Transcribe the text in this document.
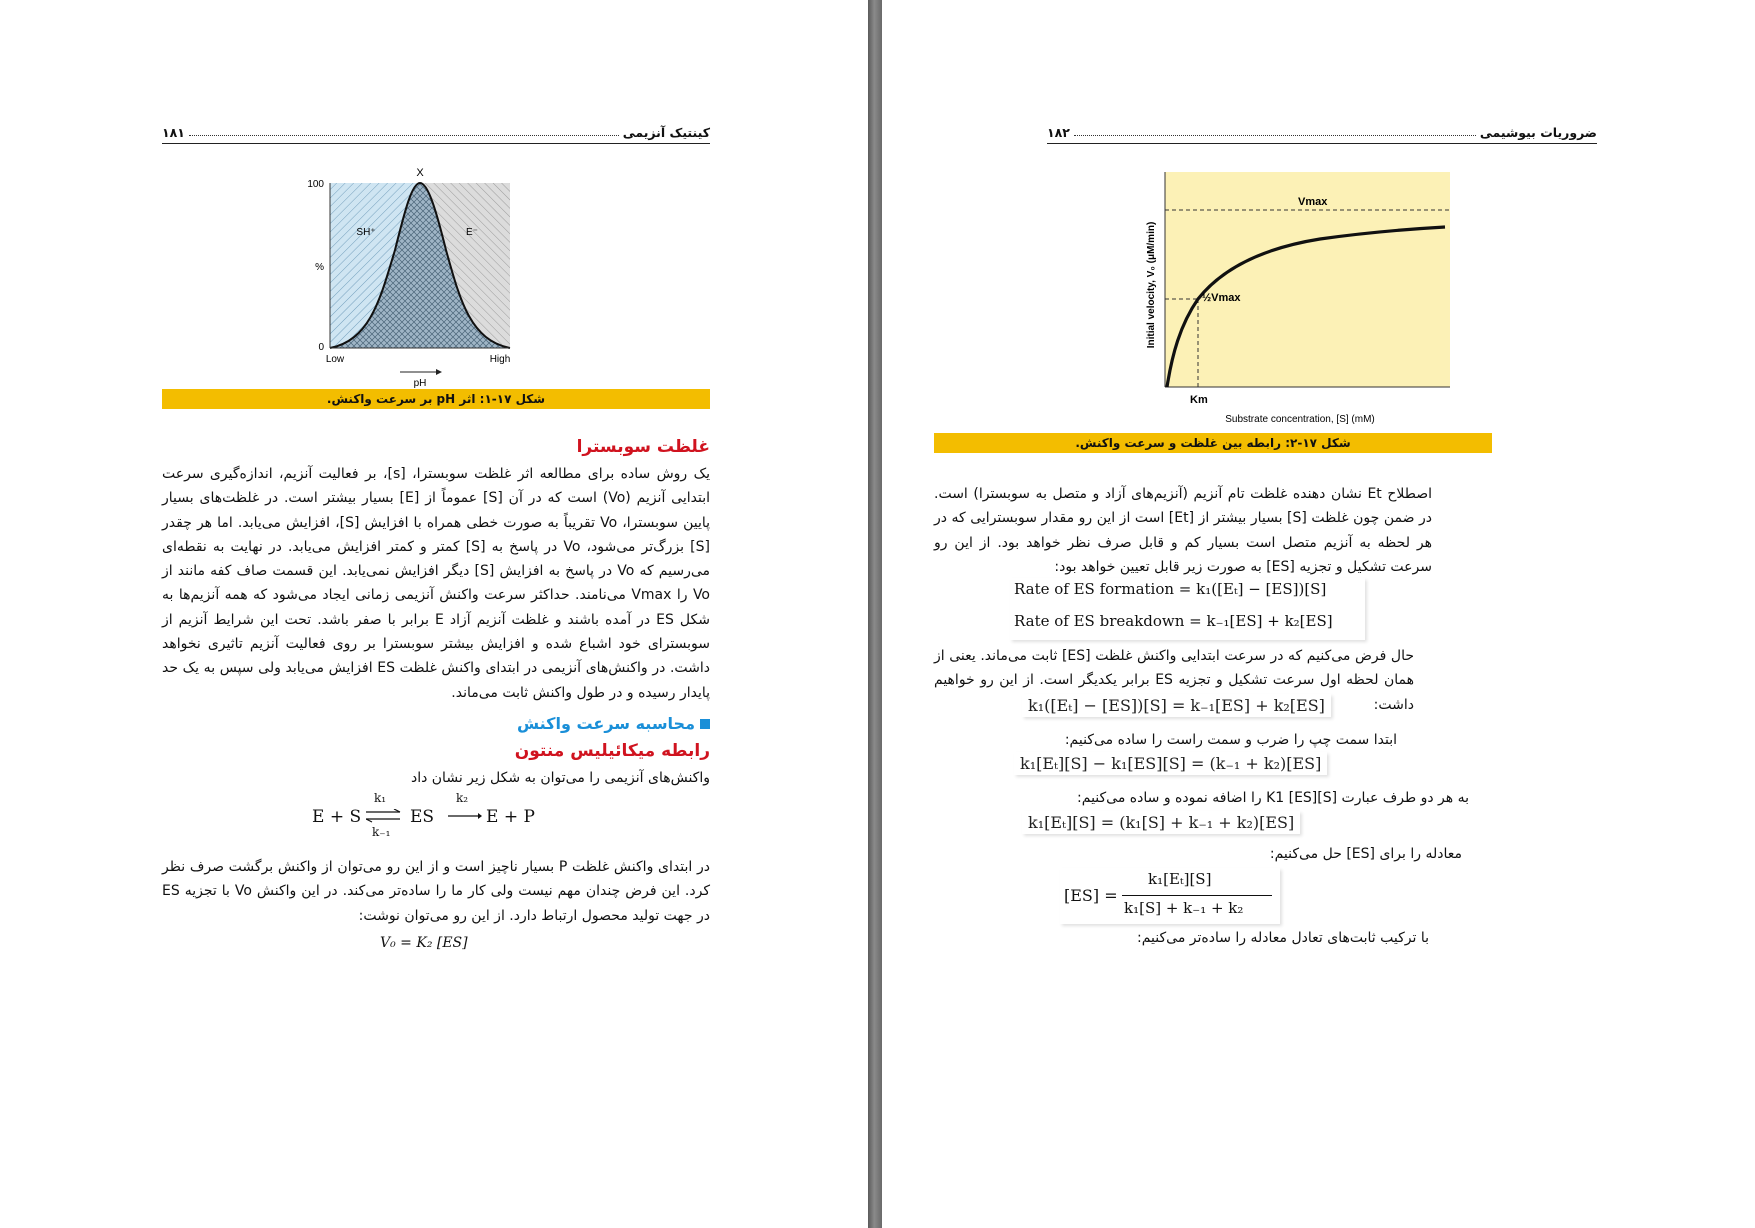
۱۸۱	کینتیک آنزیمی
X
100
%
0
Low	High
SH⁺	E⁻
pH
شکل ۱۷-۱: اثر pH بر سرعت واکنش.
غلظت سوبسترا
یک روش ساده برای مطالعه اثر غلظت سوبسترا، [s]، بر فعالیت آنزیم، اندازه‌گیری سرعت ابتدایی آنزیم (Vo) است که در آن [S] عموماً از [E] بسیار بیشتر است. در غلظت‌های بسیار پایین سوبسترا، Vo تقریباً به صورت خطی همراه با افزایش [S]، افزایش می‌یابد. اما هر چقدر [S] بزرگ‌تر می‌شود، Vo در پاسخ به [S] کمتر و کمتر افزایش می‌یابد. در نهایت به نقطه‌ای می‌رسیم که Vo در پاسخ به افزایش [S] دیگر افزایش نمی‌یابد. این قسمت صاف کفه مانند از Vo را Vmax می‌نامند. حداکثر سرعت واکنش آنزیمی زمانی ایجاد می‌شود که همه آنزیم‌ها به شکل ES در آمده باشند و غلظت آنزیم آزاد E برابر با صفر باشد. تحت این شرایط آنزیم از سوبسترای خود اشباع شده و افزایش بیشتر سوبسترا بر روی فعالیت آنزیم تاثیری نخواهد داشت. در واکنش‌های آنزیمی در ابتدای واکنش غلظت ES افزایش می‌یابد ولی سپس به یک حد پایدار رسیده و در طول واکنش ثابت می‌ماند.
محاسبه سرعت واکنش
رابطه میکائیلیس منتون
واکنش‌های آنزیمی را می‌توان به شکل زیر نشان داد
E + S
k₁
k₋₁
ES
k₂
E + P
در ابتدای واکنش غلظت P بسیار ناچیز است و از این رو می‌توان از واکنش برگشت صرف نظر کرد. این فرض چندان مهم نیست ولی کار ما را ساده‌تر می‌کند. در این واکنش Vo با تجزیه ES در جهت تولید محصول ارتباط دارد. از این رو می‌توان نوشت:
V₀ = K₂ [ES]
۱۸۲	ضروریات بیوشیمی
Vmax
½Vmax
Km
Substrate concentration, [S] (mM)
Initial velocity, V₀ (μM/min)
شکل ۱۷-۲: رابطه بین غلظت و سرعت واکنش.
اصطلاح Et نشان دهنده غلظت تام آنزیم (آنزیم‌های آزاد و متصل به سوبسترا) است. در ضمن چون غلظت [S] بسیار بیشتر از [Et] است از این رو مقدار سوبسترایی که در هر لحظه به آنزیم متصل است بسیار کم و قابل صرف نظر خواهد بود. از این رو سرعت تشکیل و تجزیه [ES] به صورت زیر قابل تعیین خواهد بود:
Rate of ES formation = k₁([Eₜ] − [ES])[S]
Rate of ES breakdown = k₋₁[ES] + k₂[ES]
حال فرض می‌کنیم که در سرعت ابتدایی واکنش غلظت [ES] ثابت می‌ماند. یعنی از همان لحظه اول سرعت تشکیل و تجزیه ES برابر یکدیگر است. از این رو خواهیم داشت:
k₁([Eₜ] − [ES])[S] = k₋₁[ES] + k₂[ES]
ابتدا سمت چپ را ضرب و سمت راست را ساده می‌کنیم:
k₁[Eₜ][S] − k₁[ES][S] = (k₋₁ + k₂)[ES]
به هر دو طرف عبارت K1 [ES][S] را اضافه نموده و ساده می‌کنیم:
k₁[Eₜ][S] = (k₁[S] + k₋₁ + k₂)[ES]
معادله را برای [ES] حل می‌کنیم:
[ES] =
k₁[Eₜ][S]
k₁[S] + k₋₁ + k₂
با ترکیب ثابت‌های تعادل معادله را ساده‌تر می‌کنیم:
